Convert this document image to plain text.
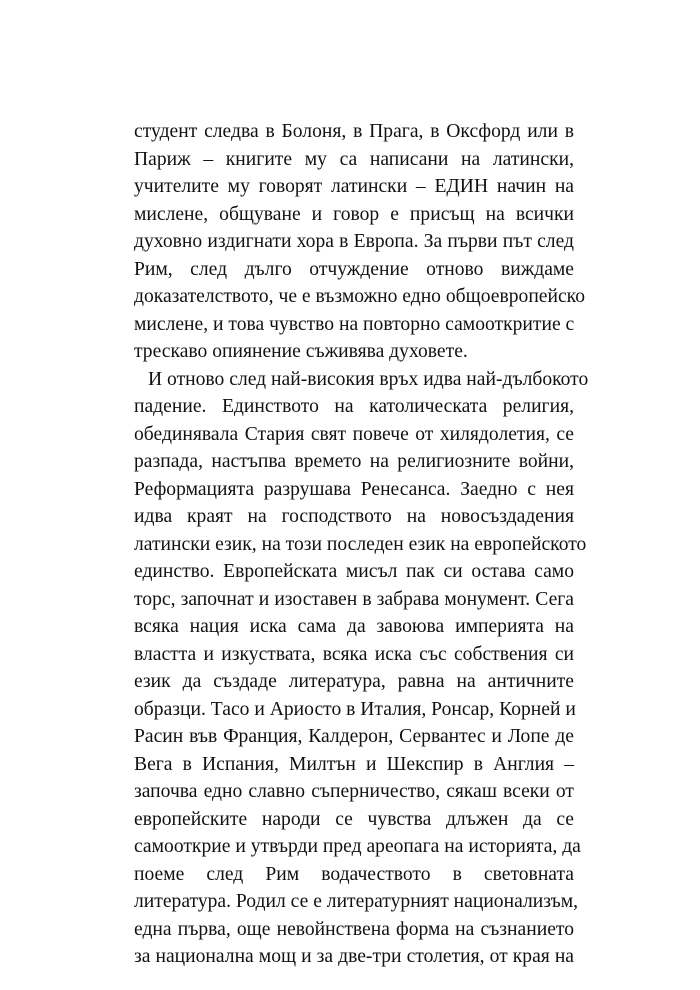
студент следва в Болоня, в Прага, в Оксфорд или в
Париж – книгите му са написани на латински,
учителите му говорят латински – ЕДИН начин на
мислене, общуване и говор е присъщ на всички
духовно издигнати хора в Европа. За първи път след
Рим, след дълго отчуждение отново виждаме
доказателството, че е възможно едно общоевропейско
мислене, и това чувство на повторно самооткритие с
трескаво опиянение съживява духовете.
И отново след най-високия връх идва най-дълбокото
падение. Единството на католическата религия,
обединявала Стария свят повече от хилядолетия, се
разпада, настъпва времето на религиозните войни,
Реформацията разрушава Ренесанса. Заедно с нея
идва краят на господството на новосъздадения
латински език, на този последен език на европейското
единство. Европейската мисъл пак си остава само
торс, започнат и изоставен в забрава монумент. Сега
всяка нация иска сама да завоюва империята на
властта и изкуствата, всяка иска със собствения си
език да създаде литература, равна на античните
образци. Тасо и Ариосто в Италия, Ронсар, Корней и
Расин във Франция, Калдерон, Сервантес и Лопе де
Вега в Испания, Милтън и Шекспир в Англия –
започва едно славно съперничество, сякаш всеки от
европейските народи се чувства длъжен да се
самооткрие и утвърди пред ареопага на историята, да
поеме след Рим водачеството в световната
литература. Родил се е литературният национализъм,
една първа, още невойнствена форма на съзнанието
за национална мощ и за две-три столетия, от края на
